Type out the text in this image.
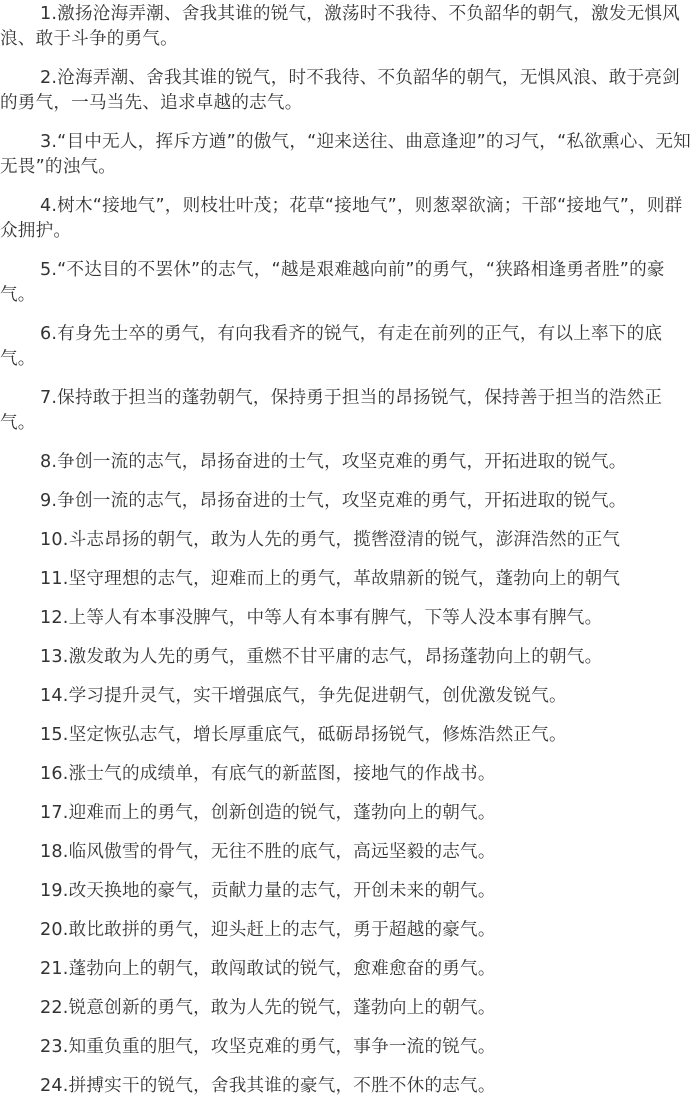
1.激扬沧海弄潮、舍我其谁的锐气，激荡时不我待、不负韶华的朝气，激发无惧风浪、敢于斗争的勇气。

2.沧海弄潮、舍我其谁的锐气，时不我待、不负韶华的朝气，无惧风浪、敢于亮剑的勇气，一马当先、追求卓越的志气。

3.“目中无人，挥斥方遒”的傲气，“迎来送往、曲意逢迎”的习气，“私欲熏心、无知无畏”的浊气。

4.树木“接地气”，则枝壮叶茂；花草“接地气”，则葱翠欲滴；干部“接地气”，则群众拥护。

5.“不达目的不罢休”的志气，“越是艰难越向前”的勇气，“狭路相逢勇者胜”的豪气。

6.有身先士卒的勇气，有向我看齐的锐气，有走在前列的正气，有以上率下的底气。

7.保持敢于担当的蓬勃朝气，保持勇于担当的昂扬锐气，保持善于担当的浩然正气。

8.争创一流的志气，昂扬奋进的士气，攻坚克难的勇气，开拓进取的锐气。

9.争创一流的志气，昂扬奋进的士气，攻坚克难的勇气，开拓进取的锐气。

10.斗志昂扬的朝气，敢为人先的勇气，揽辔澄清的锐气，澎湃浩然的正气

11.坚守理想的志气，迎难而上的勇气，革故鼎新的锐气，蓬勃向上的朝气

12.上等人有本事没脾气，中等人有本事有脾气，下等人没本事有脾气。

13.激发敢为人先的勇气，重燃不甘平庸的志气，昂扬蓬勃向上的朝气。

14.学习提升灵气，实干增强底气，争先促进朝气，创优激发锐气。

15.坚定恢弘志气，增长厚重底气，砥砺昂扬锐气，修炼浩然正气。

16.涨士气的成绩单，有底气的新蓝图，接地气的作战书。

17.迎难而上的勇气，创新创造的锐气，蓬勃向上的朝气。

18.临风傲雪的骨气，无往不胜的底气，高远坚毅的志气。

19.改天换地的豪气，贡献力量的志气，开创未来的朝气。

20.敢比敢拼的勇气，迎头赶上的志气，勇于超越的豪气。

21.蓬勃向上的朝气，敢闯敢试的锐气，愈难愈奋的勇气。

22.锐意创新的勇气，敢为人先的锐气，蓬勃向上的朝气。

23.知重负重的胆气，攻坚克难的勇气，事争一流的锐气。

24.拼搏实干的锐气，舍我其谁的豪气，不胜不休的志气。
